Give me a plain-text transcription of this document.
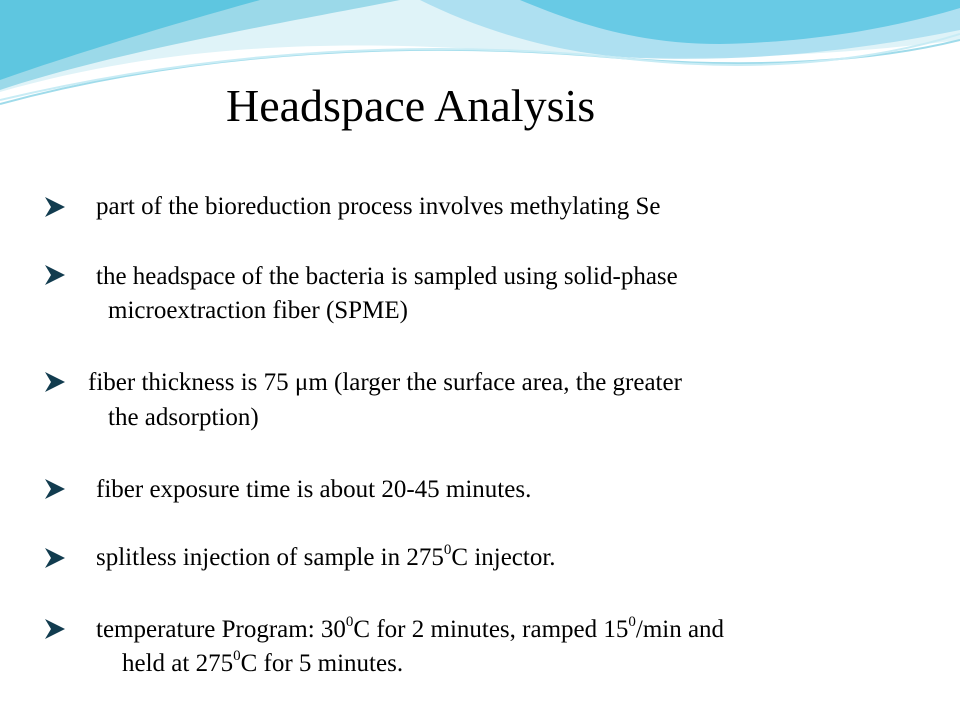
Headspace Analysis
part of the bioreduction process involves methylating Se
the headspace of the bacteria is sampled using solid-phase
microextraction fiber (SPME)
fiber thickness is 75 μm (larger the surface area, the greater
the adsorption)
fiber exposure time is about 20-45 minutes.
splitless injection of sample in $275^0C$ injector.
temperature Program: $30^0C$ for 2 minutes, ramped $15^0/\min$ and
held at $275^0C$ for 5 minutes.
